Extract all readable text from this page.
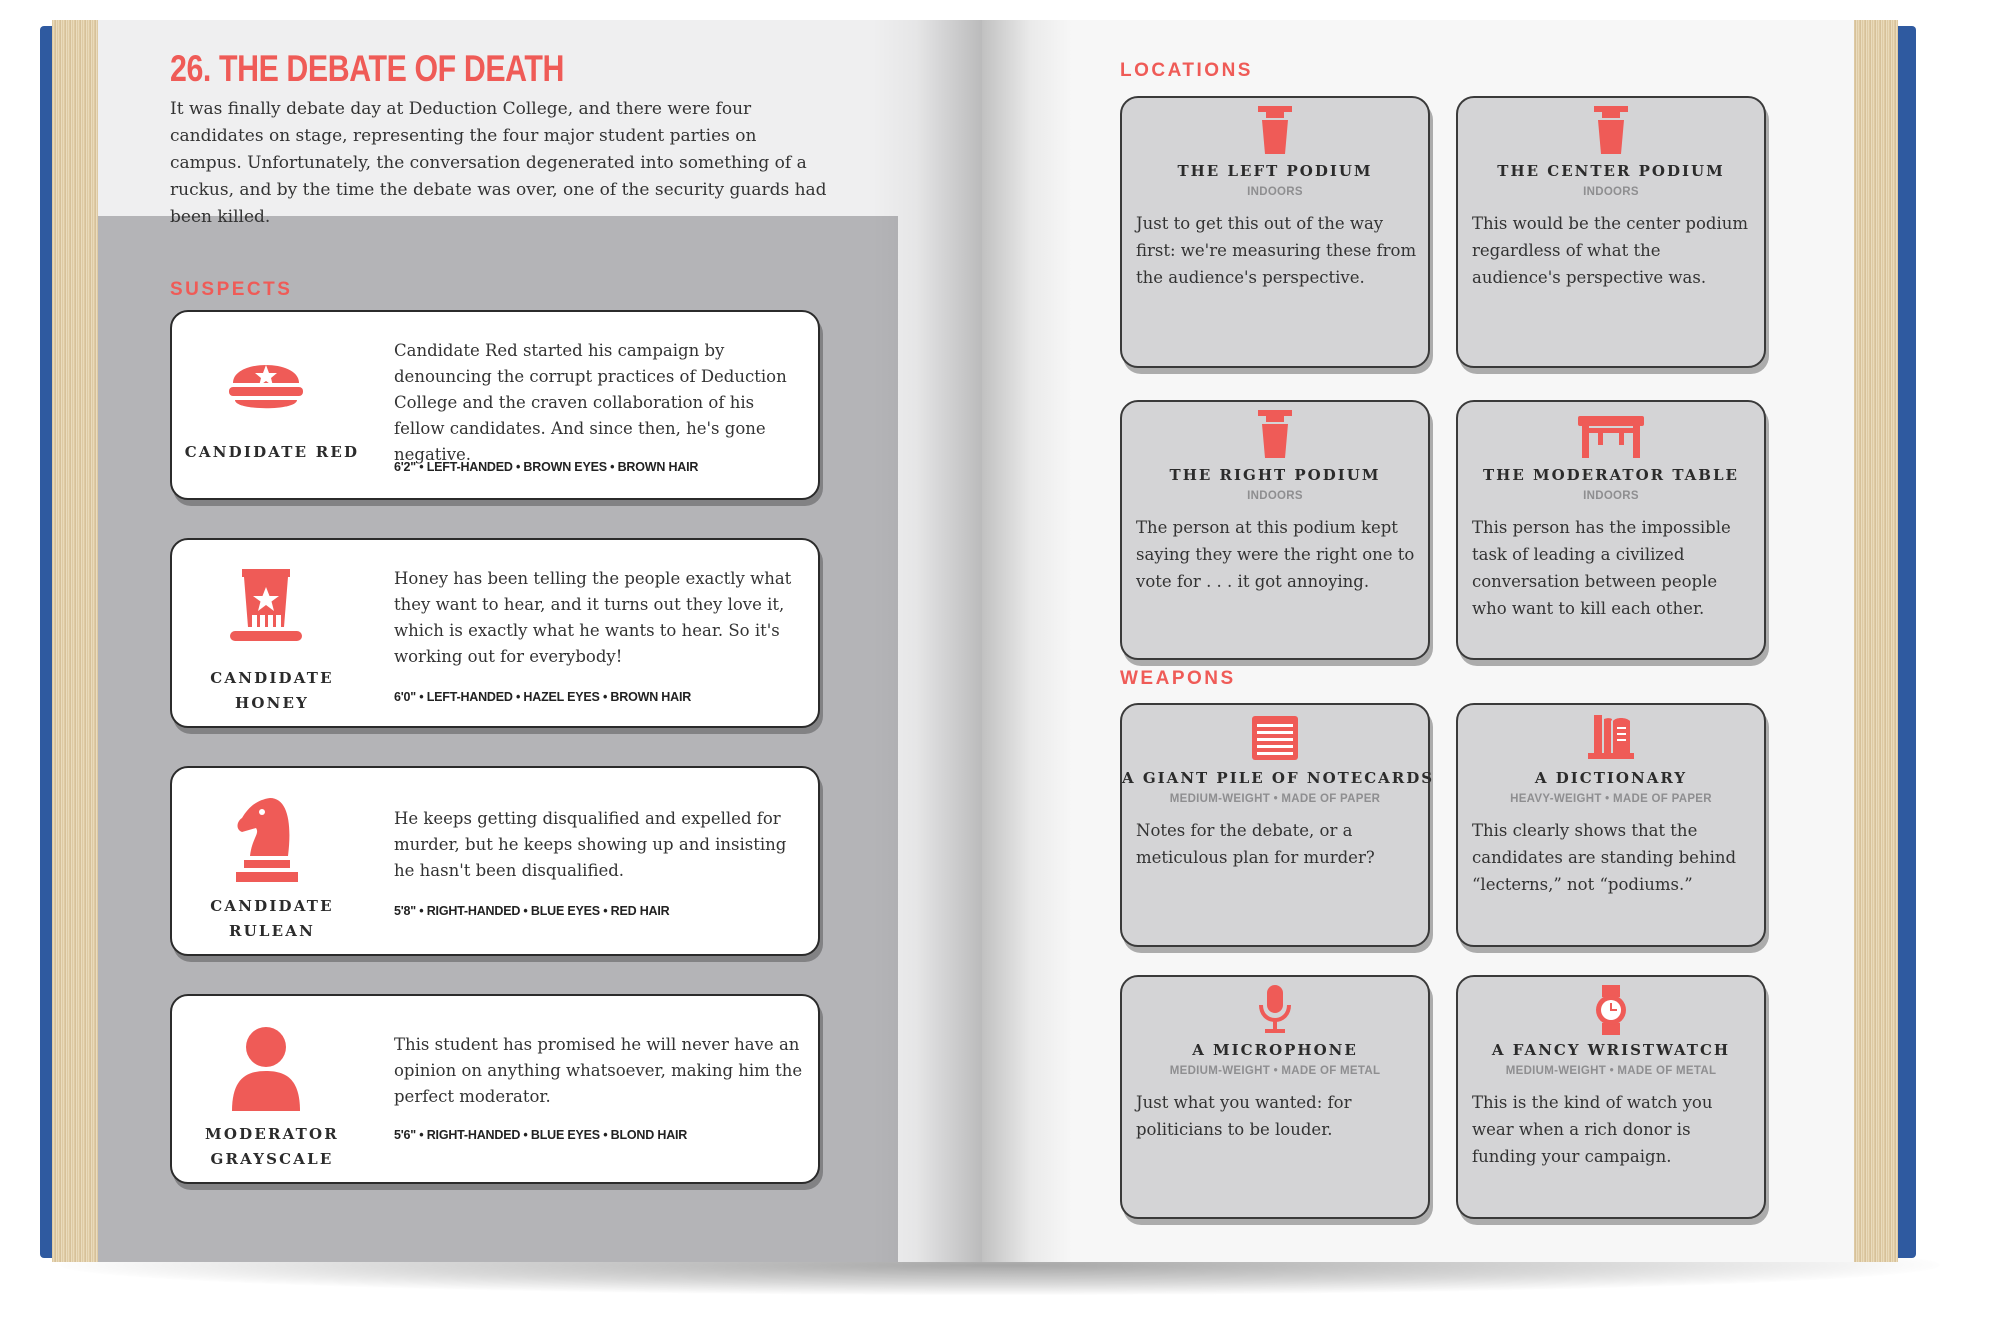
26. THE DEBATE OF DEATH

It was finally debate day at Deduction College, and there were four candidates on stage, representing the four major student parties on campus. Unfortunately, the conversation degenerated into something of a ruckus, and by the time the debate was over, one of the security guards had been killed.

SUSPECTS
CANDIDATE RED

Candidate Red started his campaign by denouncing the corrupt practices of Deduction College and the craven collaboration of his fellow candidates. And since then, he's gone negative.

6'2" • LEFT-HANDED • BROWN EYES • BROWN HAIR

CANDIDATE
HONEY

Honey has been telling the people exactly what they want to hear, and it turns out they love it, which is exactly what he wants to hear. So it's working out for everybody!

6'0" • LEFT-HANDED • HAZEL EYES • BROWN HAIR

CANDIDATE
RULEAN

He keeps getting disqualified and expelled for murder, but he keeps showing up and insisting he hasn't been disqualified.

5'8" • RIGHT-HANDED • BLUE EYES • RED HAIR

MODERATOR
GRAYSCALE

This student has promised he will never have an opinion on anything whatsoever, making him the perfect moderator.

5'6" • RIGHT-HANDED • BLUE EYES • BLOND HAIR

LOCATIONS
THE LEFT PODIUM
INDOORS

Just to get this out of the way first: we're measuring these from the audience's perspective.

THE CENTER PODIUM
INDOORS

This would be the center podium regardless of what the audience's perspective was.

THE RIGHT PODIUM
INDOORS

The person at this podium kept saying they were the right one to vote for . . . it got annoying.

THE MODERATOR TABLE
INDOORS

This person has the impossible task of leading a civilized conversation between people who want to kill each other.

WEAPONS
A GIANT PILE OF NOTECARDS
MEDIUM-WEIGHT • MADE OF PAPER

Notes for the debate, or a meticulous plan for murder?

A DICTIONARY
HEAVY-WEIGHT • MADE OF PAPER

This clearly shows that the candidates are standing behind “lecterns,” not “podiums.”

A MICROPHONE
MEDIUM-WEIGHT • MADE OF METAL

Just what you wanted: for politicians to be louder.

A FANCY WRISTWATCH
MEDIUM-WEIGHT • MADE OF METAL

This is the kind of watch you wear when a rich donor is funding your campaign.
